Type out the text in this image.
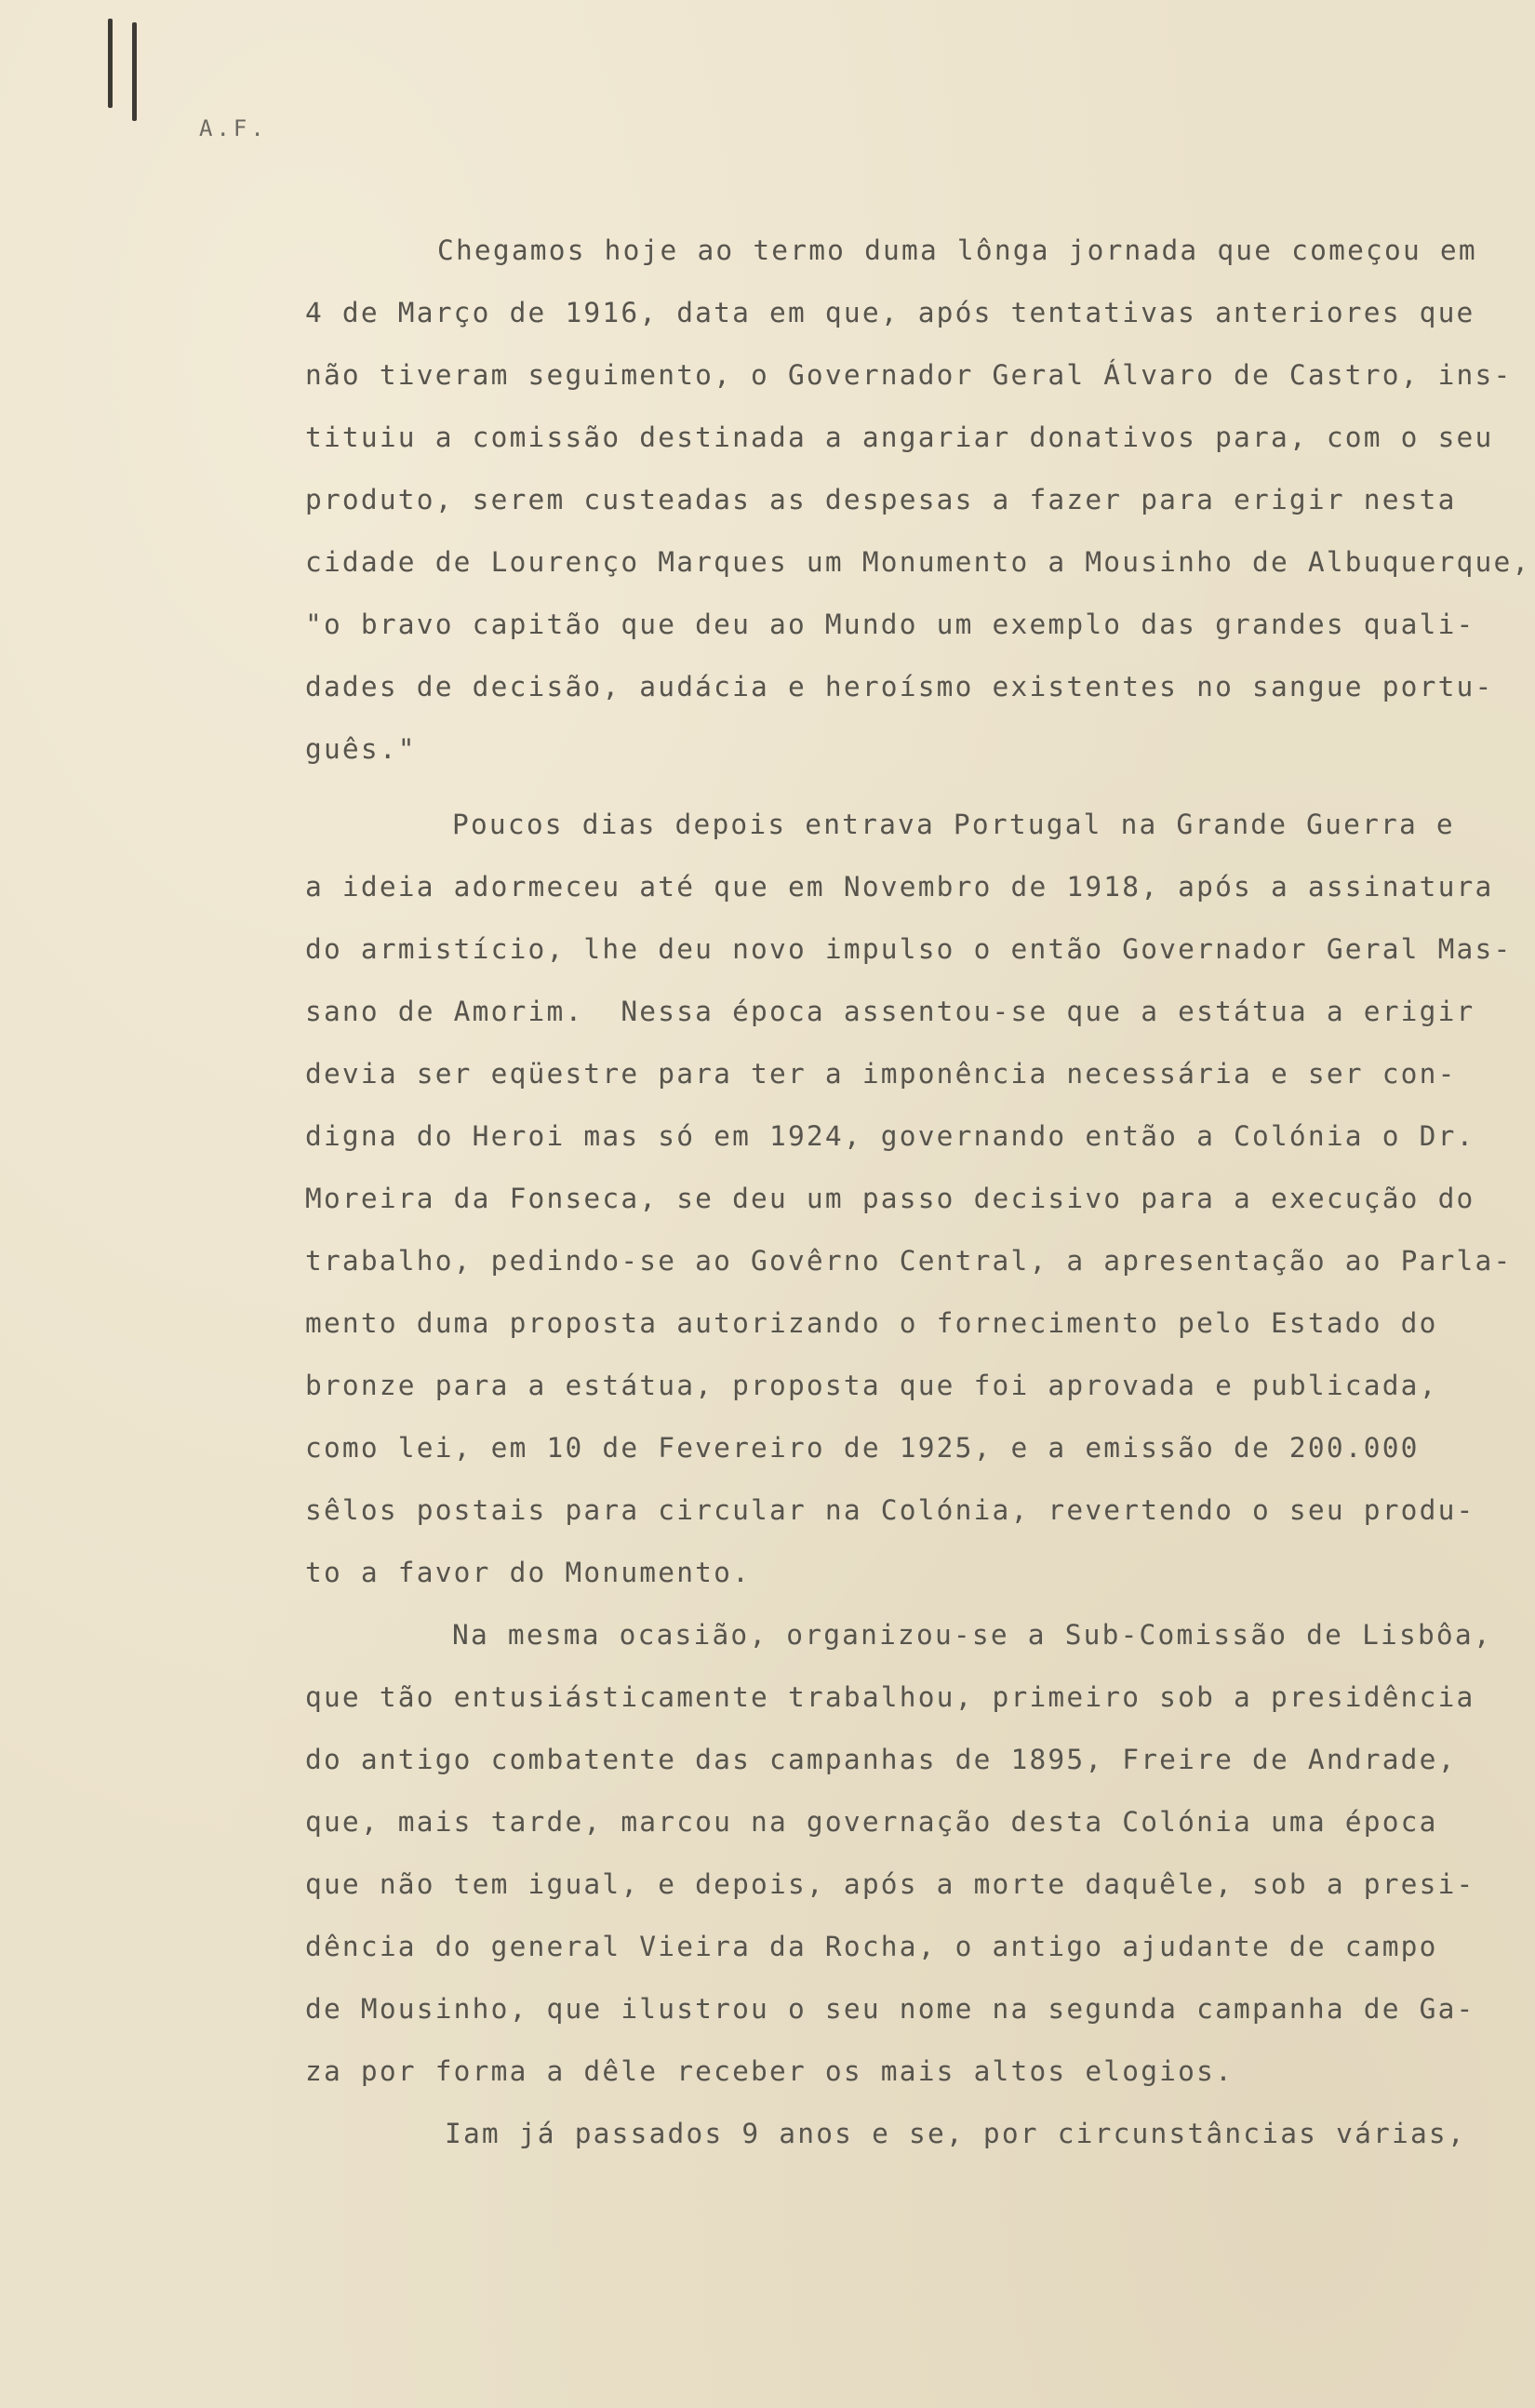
A.F.
Chegamos hoje ao termo duma lônga jornada que começou em
4 de Março de 1916, data em que, após tentativas anteriores que
não tiveram seguimento, o Governador Geral Álvaro de Castro, ins-
tituiu a comissão destinada a angariar donativos para, com o seu
produto, serem custeadas as despesas a fazer para erigir nesta
cidade de Lourenço Marques um Monumento a Mousinho de Albuquerque,
"o bravo capitão que deu ao Mundo um exemplo das grandes quali-
dades de decisão, audácia e heroísmo existentes no sangue portu-
guês."
Poucos dias depois entrava Portugal na Grande Guerra e
a ideia adormeceu até que em Novembro de 1918, após a assinatura
do armistício, lhe deu novo impulso o então Governador Geral Mas-
sano de Amorim.  Nessa época assentou-se que a estátua a erigir
devia ser eqüestre para ter a imponência necessária e ser con-
digna do Heroi mas só em 1924, governando então a Colónia o Dr.
Moreira da Fonseca, se deu um passo decisivo para a execução do
trabalho, pedindo-se ao Govêrno Central, a apresentação ao Parla-
mento duma proposta autorizando o fornecimento pelo Estado do
bronze para a estátua, proposta que foi aprovada e publicada,
como lei, em 10 de Fevereiro de 1925, e a emissão de 200.000
sêlos postais para circular na Colónia, revertendo o seu produ-
to a favor do Monumento.
Na mesma ocasião, organizou-se a Sub-Comissão de Lisbôa,
que tão entusiásticamente trabalhou, primeiro sob a presidência
do antigo combatente das campanhas de 1895, Freire de Andrade,
que, mais tarde, marcou na governação desta Colónia uma época
que não tem igual, e depois, após a morte daquêle, sob a presi-
dência do general Vieira da Rocha, o antigo ajudante de campo
de Mousinho, que ilustrou o seu nome na segunda campanha de Ga-
za por forma a dêle receber os mais altos elogios.
Iam já passados 9 anos e se, por circunstâncias várias,
